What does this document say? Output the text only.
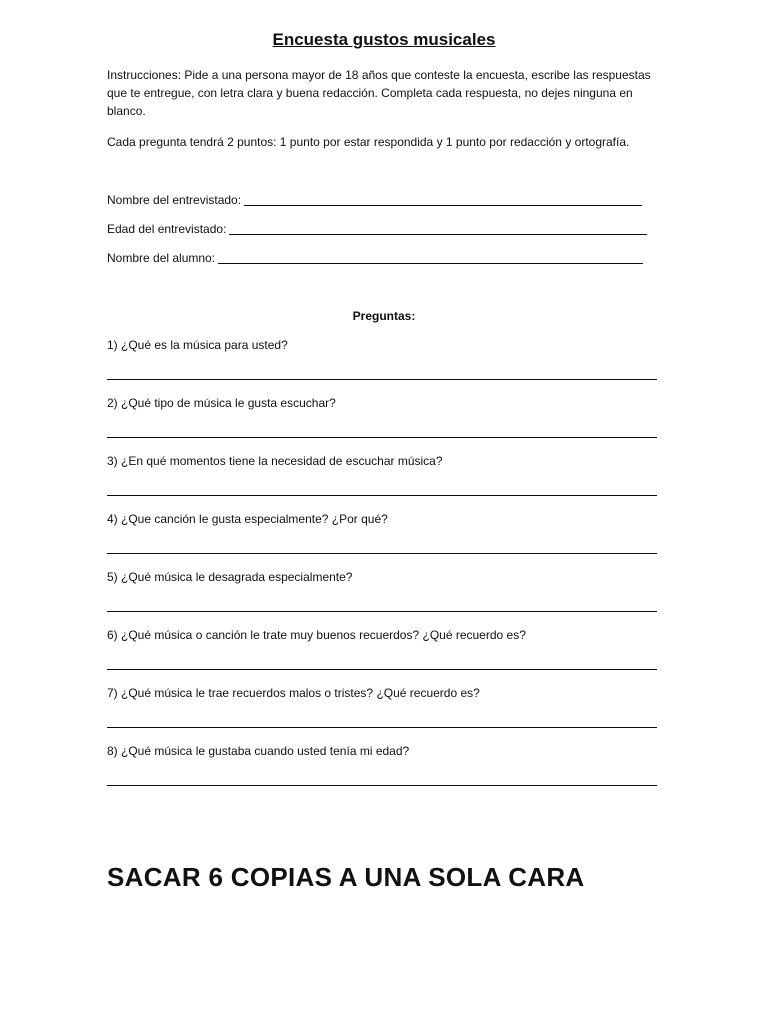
Encuesta gustos musicales
Instrucciones: Pide a una persona mayor de 18 años que conteste la encuesta, escribe las respuestas que te entregue, con letra clara y buena redacción. Completa cada respuesta, no dejes ninguna en blanco.
Cada pregunta tendrá 2 puntos: 1 punto por estar respondida y 1 punto por redacción y ortografía.
Nombre del entrevistado:
Edad del entrevistado:
Nombre del alumno:
Preguntas:
1) ¿Qué es la música para usted?
2) ¿Qué tipo de música le gusta escuchar?
3) ¿En qué momentos tiene la necesidad de escuchar música?
4) ¿Que canción le gusta especialmente? ¿Por qué?
5) ¿Qué música le desagrada especialmente?
6) ¿Qué música o canción le trate muy buenos recuerdos? ¿Qué recuerdo es?
7) ¿Qué música le trae recuerdos malos o tristes? ¿Qué recuerdo es?
8) ¿Qué música le gustaba cuando usted tenía mi edad?
SACAR 6 COPIAS A UNA SOLA CARA
